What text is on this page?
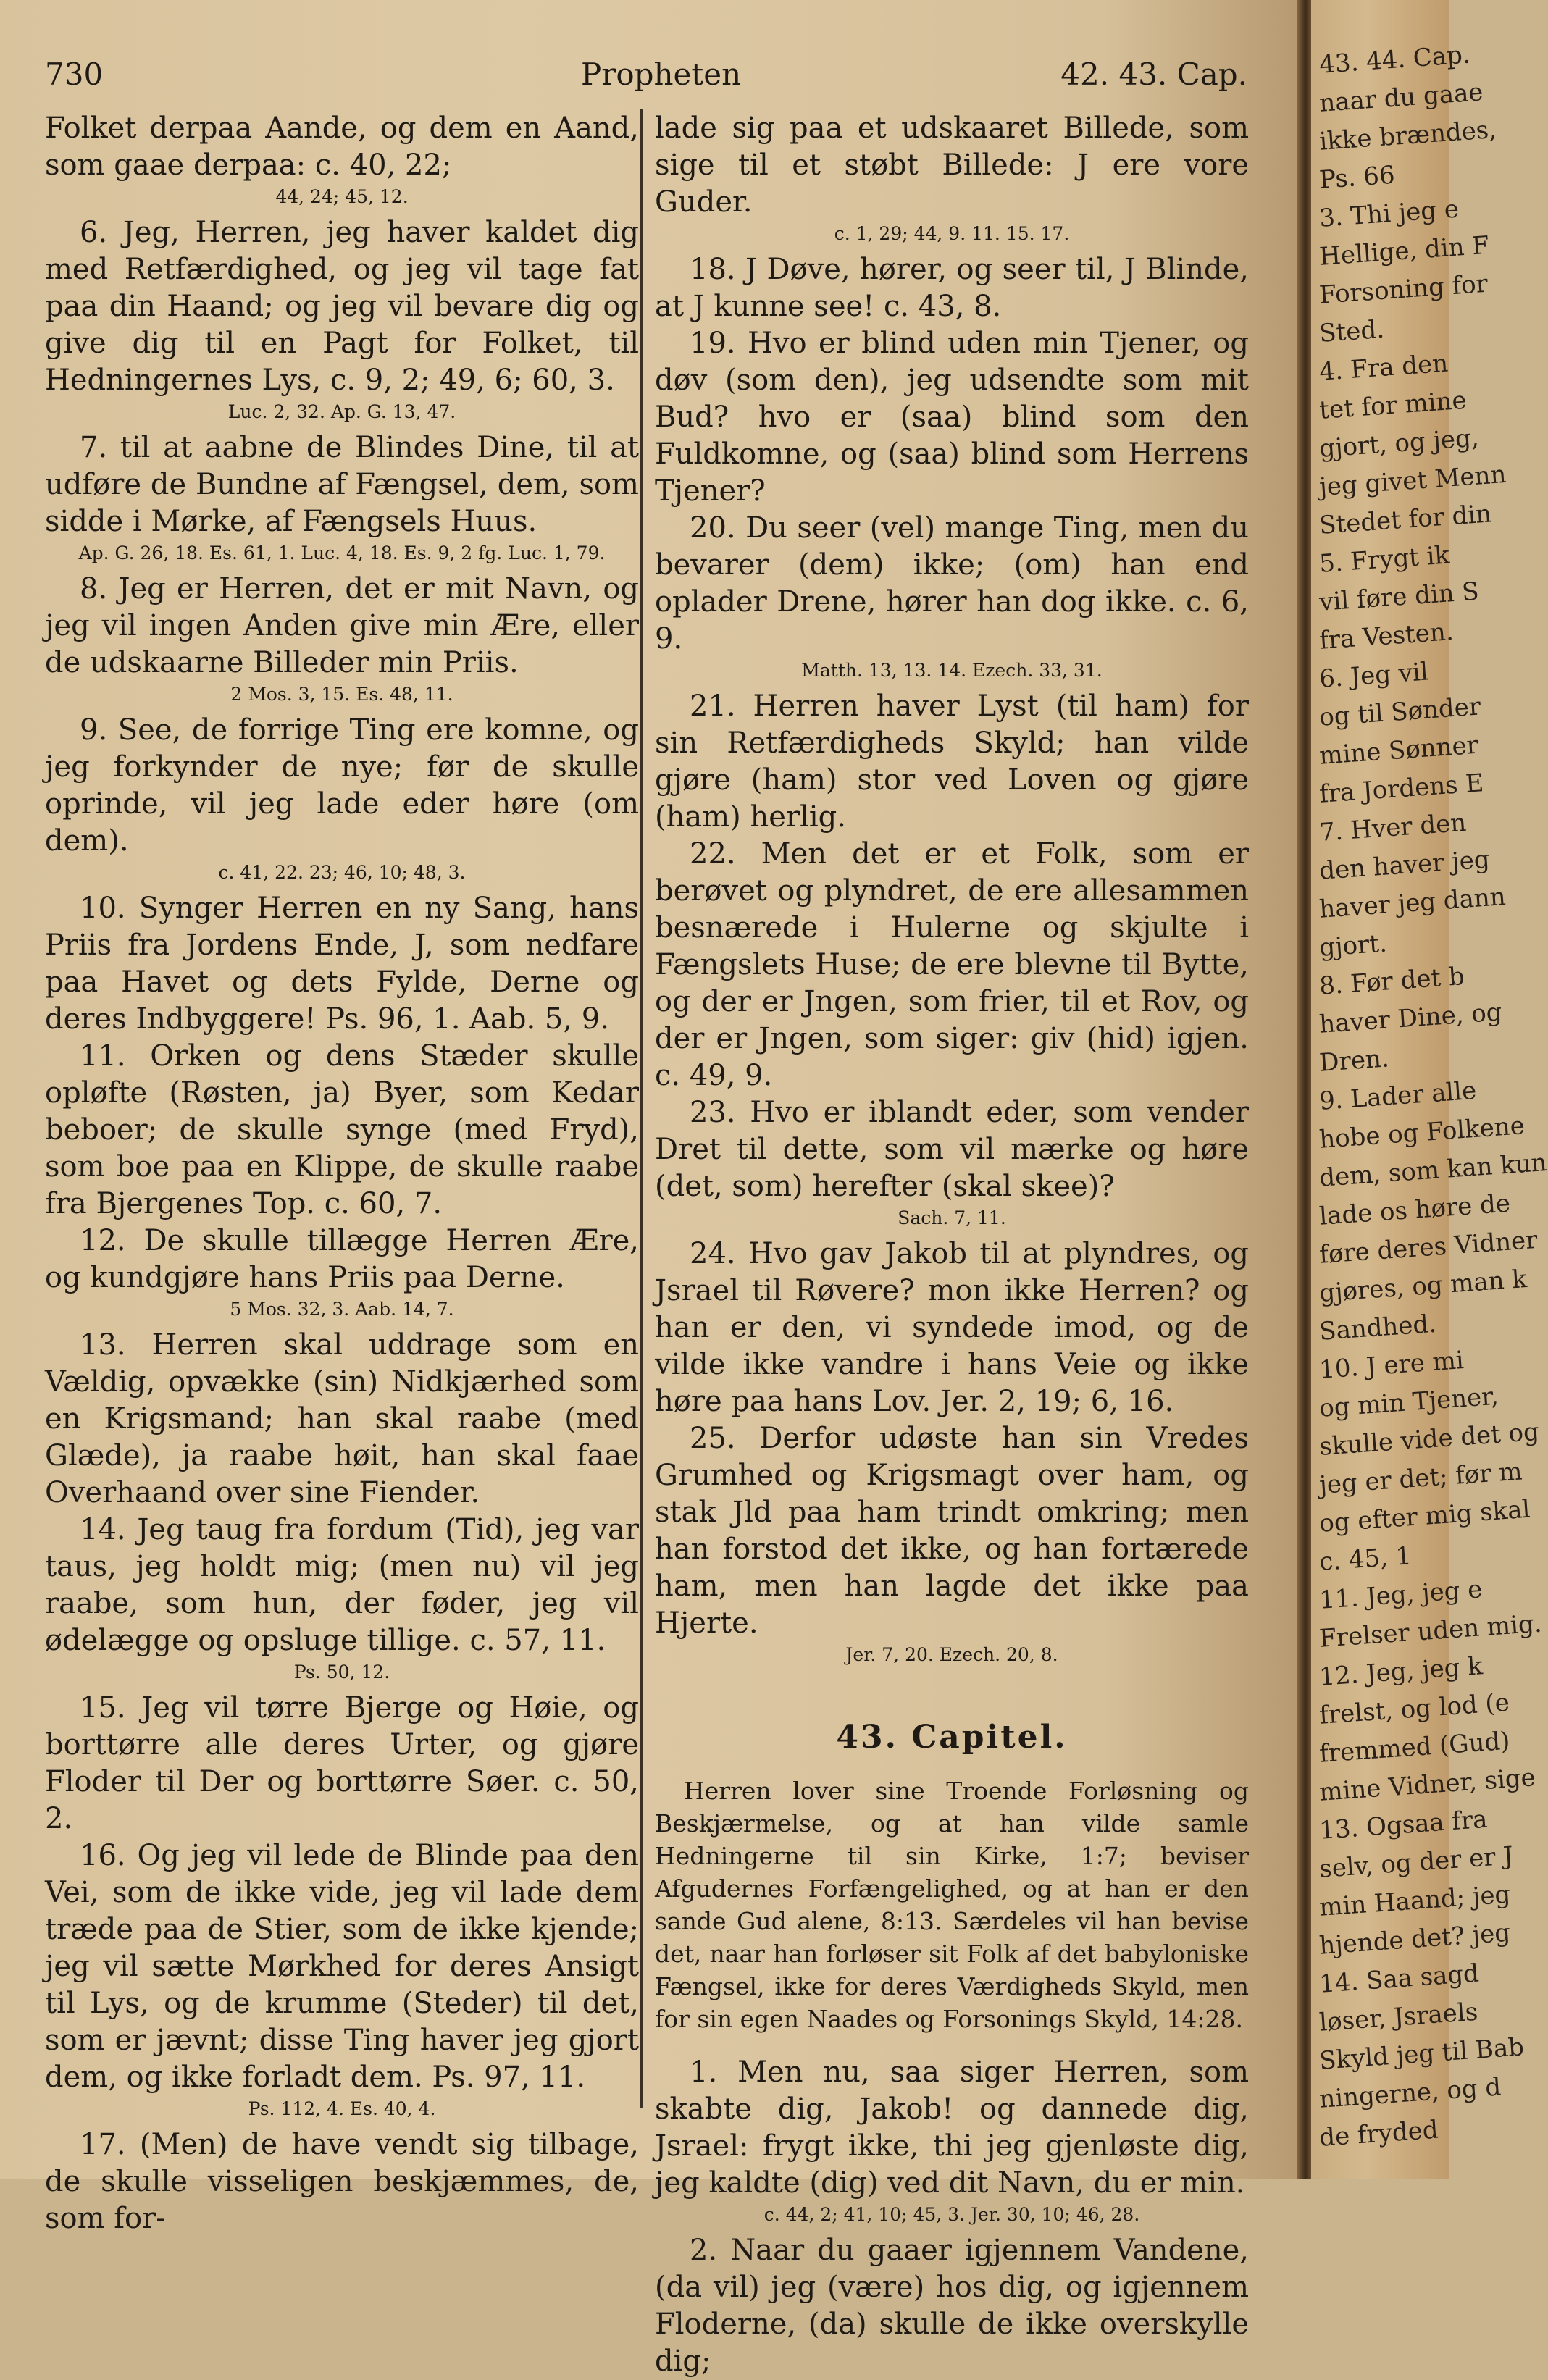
730	Propheten	42. 43. Cap.

Folket derpaa Aande, og dem en Aand, som gaae derpaa: c. 40, 22;

44, 24; 45, 12.

6. Jeg, Herren, jeg haver kaldet dig med Retfærdighed, og jeg vil tage fat paa din Haand; og jeg vil bevare dig og give dig til en Pagt for Folket, til Hedningernes Lys, c. 9, 2; 49, 6; 60, 3.

Luc. 2, 32. Ap. G. 13, 47.

7. til at aabne de Blindes Dine, til at udføre de Bundne af Fængsel, dem, som sidde i Mørke, af Fængsels Huus.

Ap. G. 26, 18. Es. 61, 1. Luc. 4, 18. Es. 9, 2 fg. Luc. 1, 79.

8. Jeg er Herren, det er mit Navn, og jeg vil ingen Anden give min Ære, eller de udskaarne Billeder min Priis.

2 Mos. 3, 15. Es. 48, 11.

9. See, de forrige Ting ere komne, og jeg forkynder de nye; før de skulle oprinde, vil jeg lade eder høre (om dem).

c. 41, 22. 23; 46, 10; 48, 3.

10. Synger Herren en ny Sang, hans Priis fra Jordens Ende, J, som nedfare paa Havet og dets Fylde, Derne og deres Indbyggere! Ps. 96, 1. Aab. 5, 9.

11. Orken og dens Stæder skulle opløfte (Røsten, ja) Byer, som Kedar beboer; de skulle synge (med Fryd), som boe paa en Klippe, de skulle raabe fra Bjergenes Top. c. 60, 7.

12. De skulle tillægge Herren Ære, og kundgjøre hans Priis paa Derne.

5 Mos. 32, 3. Aab. 14, 7.

13. Herren skal uddrage som en Vældig, opvække (sin) Nidkjærhed som en Krigsmand; han skal raabe (med Glæde), ja raabe høit, han skal faae Overhaand over sine Fiender.

14. Jeg taug fra fordum (Tid), jeg var taus, jeg holdt mig; (men nu) vil jeg raabe, som hun, der føder, jeg vil ødelægge og opsluge tillige. c. 57, 11.

Ps. 50, 12.

15. Jeg vil tørre Bjerge og Høie, og borttørre alle deres Urter, og gjøre Floder til Der og borttørre Søer. c. 50, 2.

16. Og jeg vil lede de Blinde paa den Vei, som de ikke vide, jeg vil lade dem træde paa de Stier, som de ikke kjende; jeg vil sætte Mørkhed for deres Ansigt til Lys, og de krumme (Steder) til det, som er jævnt; disse Ting haver jeg gjort dem, og ikke forladt dem. Ps. 97, 11.

Ps. 112, 4. Es. 40, 4.

17. (Men) de have vendt sig tilbage, de skulle visseligen beskjæmmes, de, som for-

lade sig paa et udskaaret Billede, som sige til et støbt Billede: J ere vore Guder.

c. 1, 29; 44, 9. 11. 15. 17.

18. J Døve, hører, og seer til, J Blinde, at J kunne see! c. 43, 8.

19. Hvo er blind uden min Tjener, og døv (som den), jeg udsendte som mit Bud? hvo er (saa) blind som den Fuldkomne, og (saa) blind som Herrens Tjener?

20. Du seer (vel) mange Ting, men du bevarer (dem) ikke; (om) han end oplader Drene, hører han dog ikke. c. 6, 9.

Matth. 13, 13. 14. Ezech. 33, 31.

21. Herren haver Lyst (til ham) for sin Retfærdigheds Skyld; han vilde gjøre (ham) stor ved Loven og gjøre (ham) herlig.

22. Men det er et Folk, som er berøvet og plyndret, de ere allesammen besnærede i Hulerne og skjulte i Fængslets Huse; de ere blevne til Bytte, og der er Jngen, som frier, til et Rov, og der er Jngen, som siger: giv (hid) igjen. c. 49, 9.

23. Hvo er iblandt eder, som vender Dret til dette, som vil mærke og høre (det, som) herefter (skal skee)?

Sach. 7, 11.

24. Hvo gav Jakob til at plyndres, og Jsrael til Røvere? mon ikke Herren? og han er den, vi syndede imod, og de vilde ikke vandre i hans Veie og ikke høre paa hans Lov. Jer. 2, 19; 6, 16.

25. Derfor udøste han sin Vredes Grumhed og Krigsmagt over ham, og stak Jld paa ham trindt omkring; men han forstod det ikke, og han fortærede ham, men han lagde det ikke paa Hjerte.

Jer. 7, 20. Ezech. 20, 8.

43. Capitel.

Herren lover sine Troende Forløsning og Beskjærmelse, og at han vilde samle Hedningerne til sin Kirke, 1:7; beviser Afgudernes Forfængelighed, og at han er den sande Gud alene, 8:13. Særdeles vil han bevise det, naar han forløser sit Folk af det babyloniske Fængsel, ikke for deres Værdigheds Skyld, men for sin egen Naades og Forsonings Skyld, 14:28.

1. Men nu, saa siger Herren, som skabte dig, Jakob! og dannede dig, Jsrael: frygt ikke, thi jeg gjenløste dig, jeg kaldte (dig) ved dit Navn, du er min.

c. 44, 2; 41, 10; 45, 3. Jer. 30, 10; 46, 28.

2. Naar du gaaer igjennem Vandene, (da vil) jeg (være) hos dig, og igjennem Floderne, (da) skulle de ikke overskylle dig;

43. 44. Cap.
naar du gaae
ikke brændes,
Ps. 66
3. Thi jeg e
Hellige, din F
Forsoning for
Sted.
4. Fra den
tet for mine
gjort, og jeg,
jeg givet Menn
Stedet for din
5. Frygt ik
vil føre din S
fra Vesten.
6. Jeg vil
og til Sønder
mine Sønner
fra Jordens E
7. Hver den
den haver jeg
haver jeg dann
gjort.
8. Før det b
haver Dine, og
Dren.
9. Lader alle
hobe og Folkene
dem, som kan kun
lade os høre de
føre deres Vidner
gjøres, og man k
Sandhed.
10. J ere mi
og min Tjener,
skulle vide det og
jeg er det; før m
og efter mig skal
c. 45, 1
11. Jeg, jeg e
Frelser uden mig.
12. Jeg, jeg k
frelst, og lod (e
fremmed (Gud)
mine Vidner, sige
13. Ogsaa fra
selv, og der er J
min Haand; jeg
hjende det? jeg
14. Saa sagd
løser, Jsraels
Skyld jeg til Bab
ningerne, og d
de fryded
